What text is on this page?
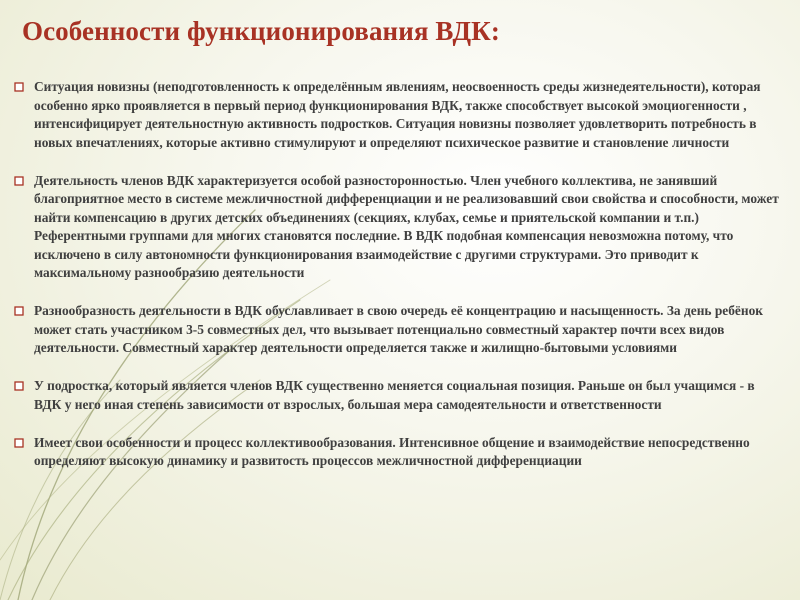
Особенности функционирования ВДК:
Ситуация новизны (неподготовленность к определённым явлениям, неосвоенность среды жизнедеятельности), которая особенно ярко проявляется в первый период функционирования ВДК, также способствует высокой эмоциогенности , интенсифицирует деятельностную активность подростков. Ситуация новизны позволяет удовлетворить потребность в новых впечатлениях, которые активно стимулируют и определяют психическое развитие и становление личности
Деятельность членов ВДК характеризуется особой разносторонностью. Член учебного коллектива, не занявший благоприятное место в системе межличностной дифференциации и не реализовавший свои свойства и способности, может найти компенсацию в других детских объединениях (секциях, клубах, семье и приятельской компании и т.п.) Референтными группами для многих становятся последние. В ВДК подобная компенсация невозможна потому, что исключено в силу автономности функционирования взаимодействие с другими структурами. Это приводит к максимальному разнообразию деятельности
Разнообразность деятельности в ВДК обуславливает в свою очередь её концентрацию и насыщенность. За день ребёнок может стать участником 3-5 совместных дел, что вызывает потенциально совместный характер почти всех видов деятельности. Совместный характер деятельности определяется также и жилищно-бытовыми условиями
У подростка, который является членов ВДК существенно меняется социальная позиция. Раньше он был учащимся - в ВДК у него иная степень зависимости от взрослых, большая мера самодеятельности и ответственности
Имеет свои особенности и процесс коллективообразования. Интенсивное общение и взаимодействие непосредственно определяют высокую динамику и развитость процессов межличностной дифференциации
